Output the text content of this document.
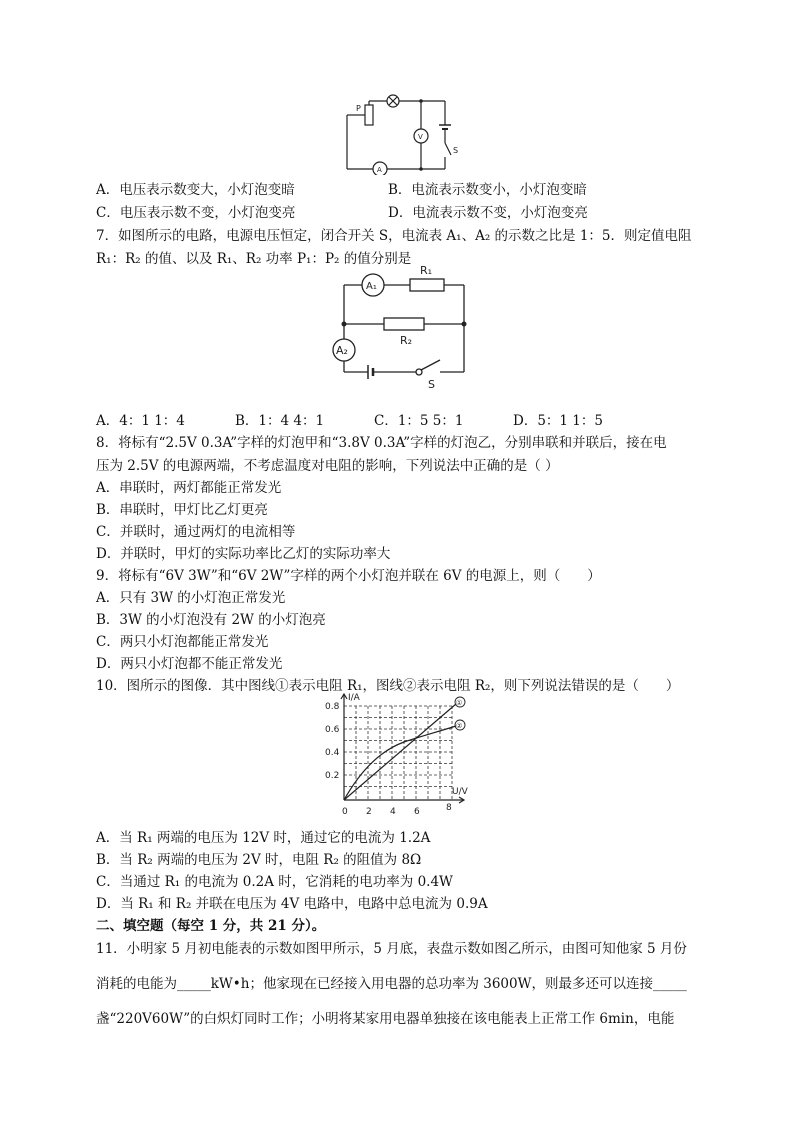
P
S
V
A
A．电压表示数变大，小灯泡变暗	B．电流表示数变小，小灯泡变暗
C．电压表示数不变，小灯泡变亮	D．电流表示数不变，小灯泡变亮
7．如图所示的电路，电源电压恒定，闭合开关 S，电流表 A₁、A₂ 的示数之比是 1：5．则定值电阻
R₁：R₂ 的值、以及 R₁、R₂ 功率 P₁：P₂ 的值分别是
A₁
A₂
R₁
R₂
S
A．4：1 1：4	B．1：4 4：1	C．1：5 5：1	D．5：1 1：5
8．将标有“2.5V 0.3A”字样的灯泡甲和“3.8V 0.3A”字样的灯泡乙，分别串联和并联后，接在电
压为 2.5V 的电源两端，不考虑温度对电阻的影响，下列说法中正确的是（ ）
A．串联时，两灯都能正常发光
B．串联时，甲灯比乙灯更亮
C．并联时，通过两灯的电流相等
D．并联时，甲灯的实际功率比乙灯的实际功率大
9．将标有“6V 3W”和“6V 2W”字样的两个小灯泡并联在 6V 的电源上，则（　　）
A．只有 3W 的小灯泡正常发光
B．3W 的小灯泡没有 2W 的小灯泡亮
C．两只小灯泡都能正常发光
D．两只小灯泡都不能正常发光
10．图所示的图像．其中图线①表示电阻 R₁，图线②表示电阻 R₂，则下列说法错误的是（　　）
I/A
U/V
0.8
0.6
0.4
0.2
0 2 4 6	8
①
②
A．当 R₁ 两端的电压为 12V 时，通过它的电流为 1.2A
B．当 R₂ 两端的电压为 2V 时，电阻 R₂ 的阻值为 8Ω
C．当通过 R₁ 的电流为 0.2A 时，它消耗的电功率为 0.4W
D．当 R₁ 和 R₂ 并联在电压为 4V 电路中，电路中总电流为 0.9A
二、填空题（每空 1 分，共 21 分）。
11．小明家 5 月初电能表的示数如图甲所示，5 月底，表盘示数如图乙所示，由图可知他家 5 月份
消耗的电能为_____kW•h；他家现在已经接入用电器的总功率为 3600W，则最多还可以连接_____
盏“220V60W”的白炽灯同时工作；小明将某家用电器单独接在该电能表上正常工作 6min，电能
